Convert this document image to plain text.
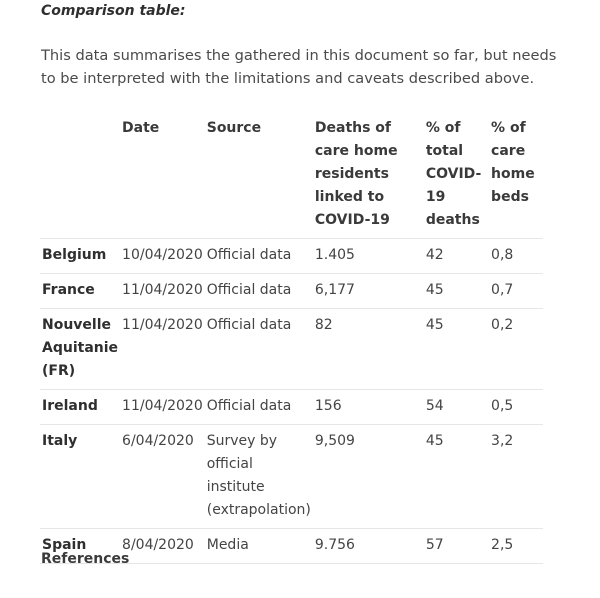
Comparison table:

This data summarises the gathered in this document so far, but needs to be interpreted with the limitations and caveats described above.

	Date	Source	Deaths of care home residents linked to COVID-19	% of total COVID-19 deaths	% of care home beds
Belgium	10/04/2020	Official data	1.405	42	0,8
France	11/04/2020	Official data	6,177	45	0,7
Nouvelle Aquitanie (FR)	11/04/2020	Official data	82	45	0,2
Ireland	11/04/2020	Official data	156	54	0,5
Italy	6/04/2020	Survey by official institute (extrapolation)	9,509	45	3,2
Spain	8/04/2020	Media	9.756	57	2,5

References
